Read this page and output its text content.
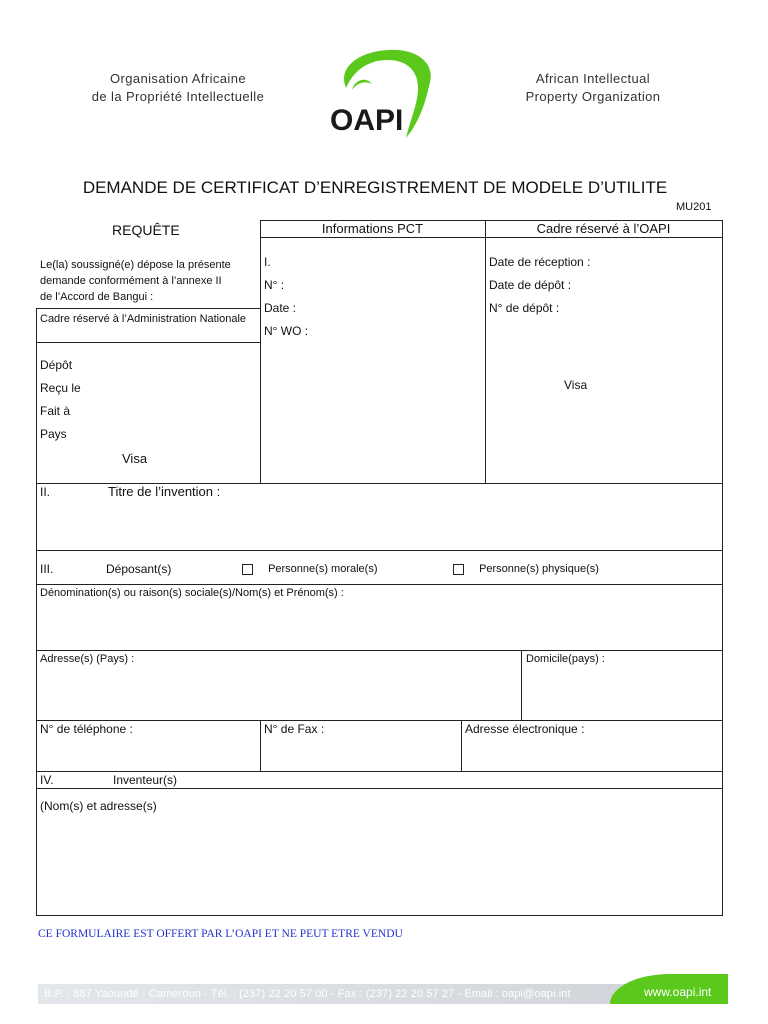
Organisation Africaine
de la Propriété Intellectuelle
OAPI
African Intellectual
Property Organization
DEMANDE DE CERTIFICAT D’ENREGISTREMENT DE MODELE D’UTILITE
MU201
REQUÊTE
Le(la) soussigné(e) dépose la présente
demande conformément à l’annexe II
de l’Accord de Bangui :
Cadre réservé à l’Administration Nationale
Dépôt
Reçu le
Fait à
Pays
Visa
Informations PCT
I.
N° :
Date :
N° WO :
Cadre réservé à l’OAPI
Date de réception :
Date de dépôt :
N° de dépôt :
Visa
II.	Titre de l’invention :
III.	Déposant(s)	Personne(s) morale(s)	Personne(s) physique(s)
Dénomination(s) ou raison(s) sociale(s)/Nom(s) et Prénom(s) :
Adresse(s) (Pays) :	Domicile(pays) :
N° de téléphone :	N° de Fax :	Adresse électronique :
IV.	Inventeur(s)
(Nom(s) et adresse(s)
CE FORMULAIRE EST OFFERT PAR L’OAPI ET NE PEUT ETRE VENDU
B.P. : 887 Yaoundé - Cameroun - Tél. : (237) 22 20 57 00 - Fax : (237) 22 20 57 27 - Email : oapi@oapi.int	www.oapi.int
